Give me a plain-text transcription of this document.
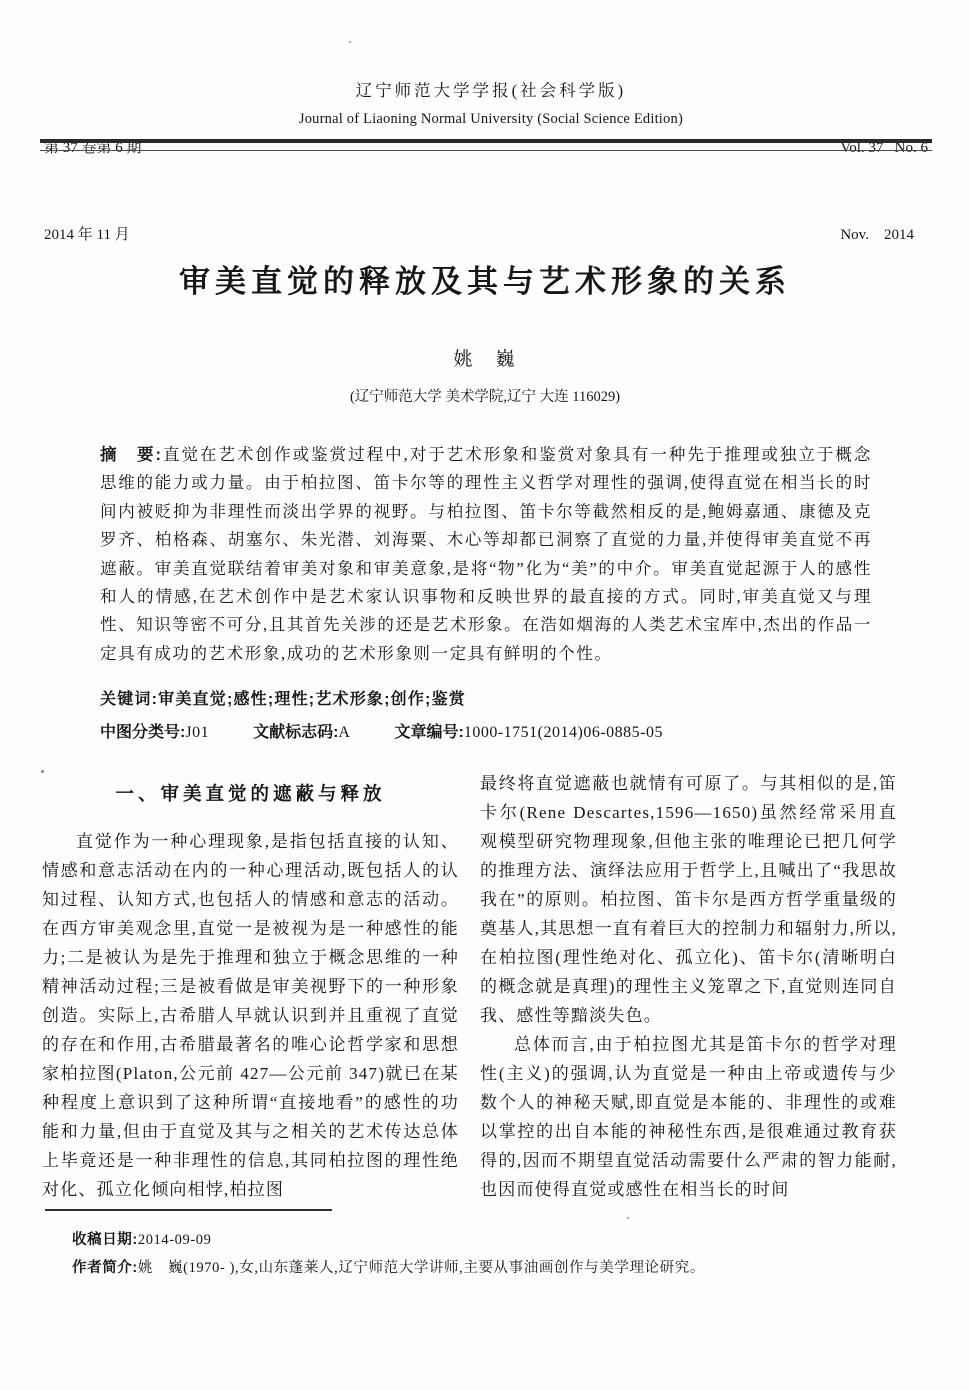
第 37 卷第 6 期

2014 年 11 月

辽宁师范大学学报(社会科学版)
Journal of Liaoning Normal University (Social Science Edition)

Vol. 37   No. 6

Nov.    2014

审美直觉的释放及其与艺术形象的关系
姚　巍
(辽宁师范大学 美术学院,辽宁 大连 116029)
摘　要:直觉在艺术创作或鉴赏过程中,对于艺术形象和鉴赏对象具有一种先于推理或独立于概念思维的能力或力量。由于柏拉图、笛卡尔等的理性主义哲学对理性的强调,使得直觉在相当长的时间内被贬抑为非理性而淡出学界的视野。与柏拉图、笛卡尔等截然相反的是,鲍姆嘉通、康德及克罗齐、柏格森、胡塞尔、朱光潜、刘海粟、木心等却都已洞察了直觉的力量,并使得审美直觉不再遮蔽。审美直觉联结着审美对象和审美意象,是将“物”化为“美”的中介。审美直觉起源于人的感性和人的情感,在艺术创作中是艺术家认识事物和反映世界的最直接的方式。同时,审美直觉又与理性、知识等密不可分,且其首先关涉的还是艺术形象。在浩如烟海的人类艺术宝库中,杰出的作品一定具有成功的艺术形象,成功的艺术形象则一定具有鲜明的个性。
关键词:审美直觉;感性;理性;艺术形象;创作;鉴赏
中图分类号:J01	文献标志码:A	文章编号:1000-1751(2014)06-0885-05
一、审美直觉的遮蔽与释放

直觉作为一种心理现象,是指包括直接的认知、情感和意志活动在内的一种心理活动,既包括人的认知过程、认知方式,也包括人的情感和意志的活动。在西方审美观念里,直觉一是被视为是一种感性的能力;二是被认为是先于推理和独立于概念思维的一种精神活动过程;三是被看做是审美视野下的一种形象创造。实际上,古希腊人早就认识到并且重视了直觉的存在和作用,古希腊最著名的唯心论哲学家和思想家柏拉图(Platon,公元前 427—公元前 347)就已在某种程度上意识到了这种所谓“直接地看”的感性的功能和力量,但由于直觉及其与之相关的艺术传达总体上毕竟还是一种非理性的信息,其同柏拉图的理性绝对化、孤立化倾向相悖,柏拉图

最终将直觉遮蔽也就情有可原了。与其相似的是,笛卡尔(Rene Descartes,1596—1650)虽然经常采用直观模型研究物理现象,但他主张的唯理论已把几何学的推理方法、演绎法应用于哲学上,且喊出了“我思故我在”的原则。柏拉图、笛卡尔是西方哲学重量级的奠基人,其思想一直有着巨大的控制力和辐射力,所以,在柏拉图(理性绝对化、孤立化)、笛卡尔(清晰明白的概念就是真理)的理性主义笼罩之下,直觉则连同自我、感性等黯淡失色。

总体而言,由于柏拉图尤其是笛卡尔的哲学对理性(主义)的强调,认为直觉是一种由上帝或遗传与少数个人的神秘天赋,即直觉是本能的、非理性的或难以掌控的出自本能的神秘性东西,是很难通过教育获得的,因而不期望直觉活动需要什么严肃的智力能耐,也因而使得直觉或感性在相当长的时间

收稿日期:2014-09-09
作者简介:姚　巍(1970- ),女,山东蓬莱人,辽宁师范大学讲师,主要从事油画创作与美学理论研究。
